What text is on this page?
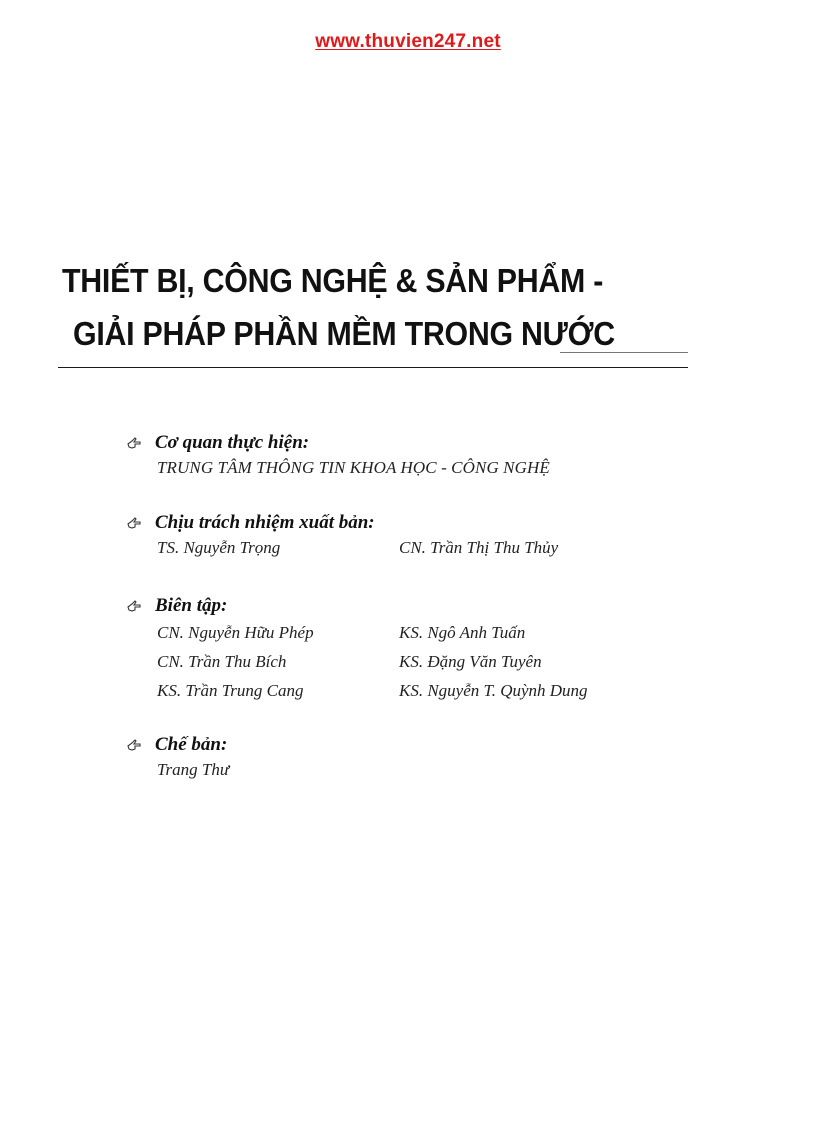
www.thuvien247.net
THIẾT BỊ, CÔNG NGHỆ & SẢN PHẨM -
GIẢI PHÁP PHẦN MỀM TRONG NƯỚC
Cơ quan thực hiện:
TRUNG TÂM THÔNG TIN KHOA HỌC - CÔNG NGHỆ
Chịu trách nhiệm xuất bản:
TS. Nguyễn Trọng	CN. Trần Thị Thu Thủy
Biên tập:
CN. Nguyễn Hữu Phép	KS. Ngô Anh Tuấn
CN. Trần Thu Bích	KS. Đặng Văn Tuyên
KS. Trần Trung Cang	KS. Nguyễn T. Quỳnh Dung
Chế bản:
Trang Thư
